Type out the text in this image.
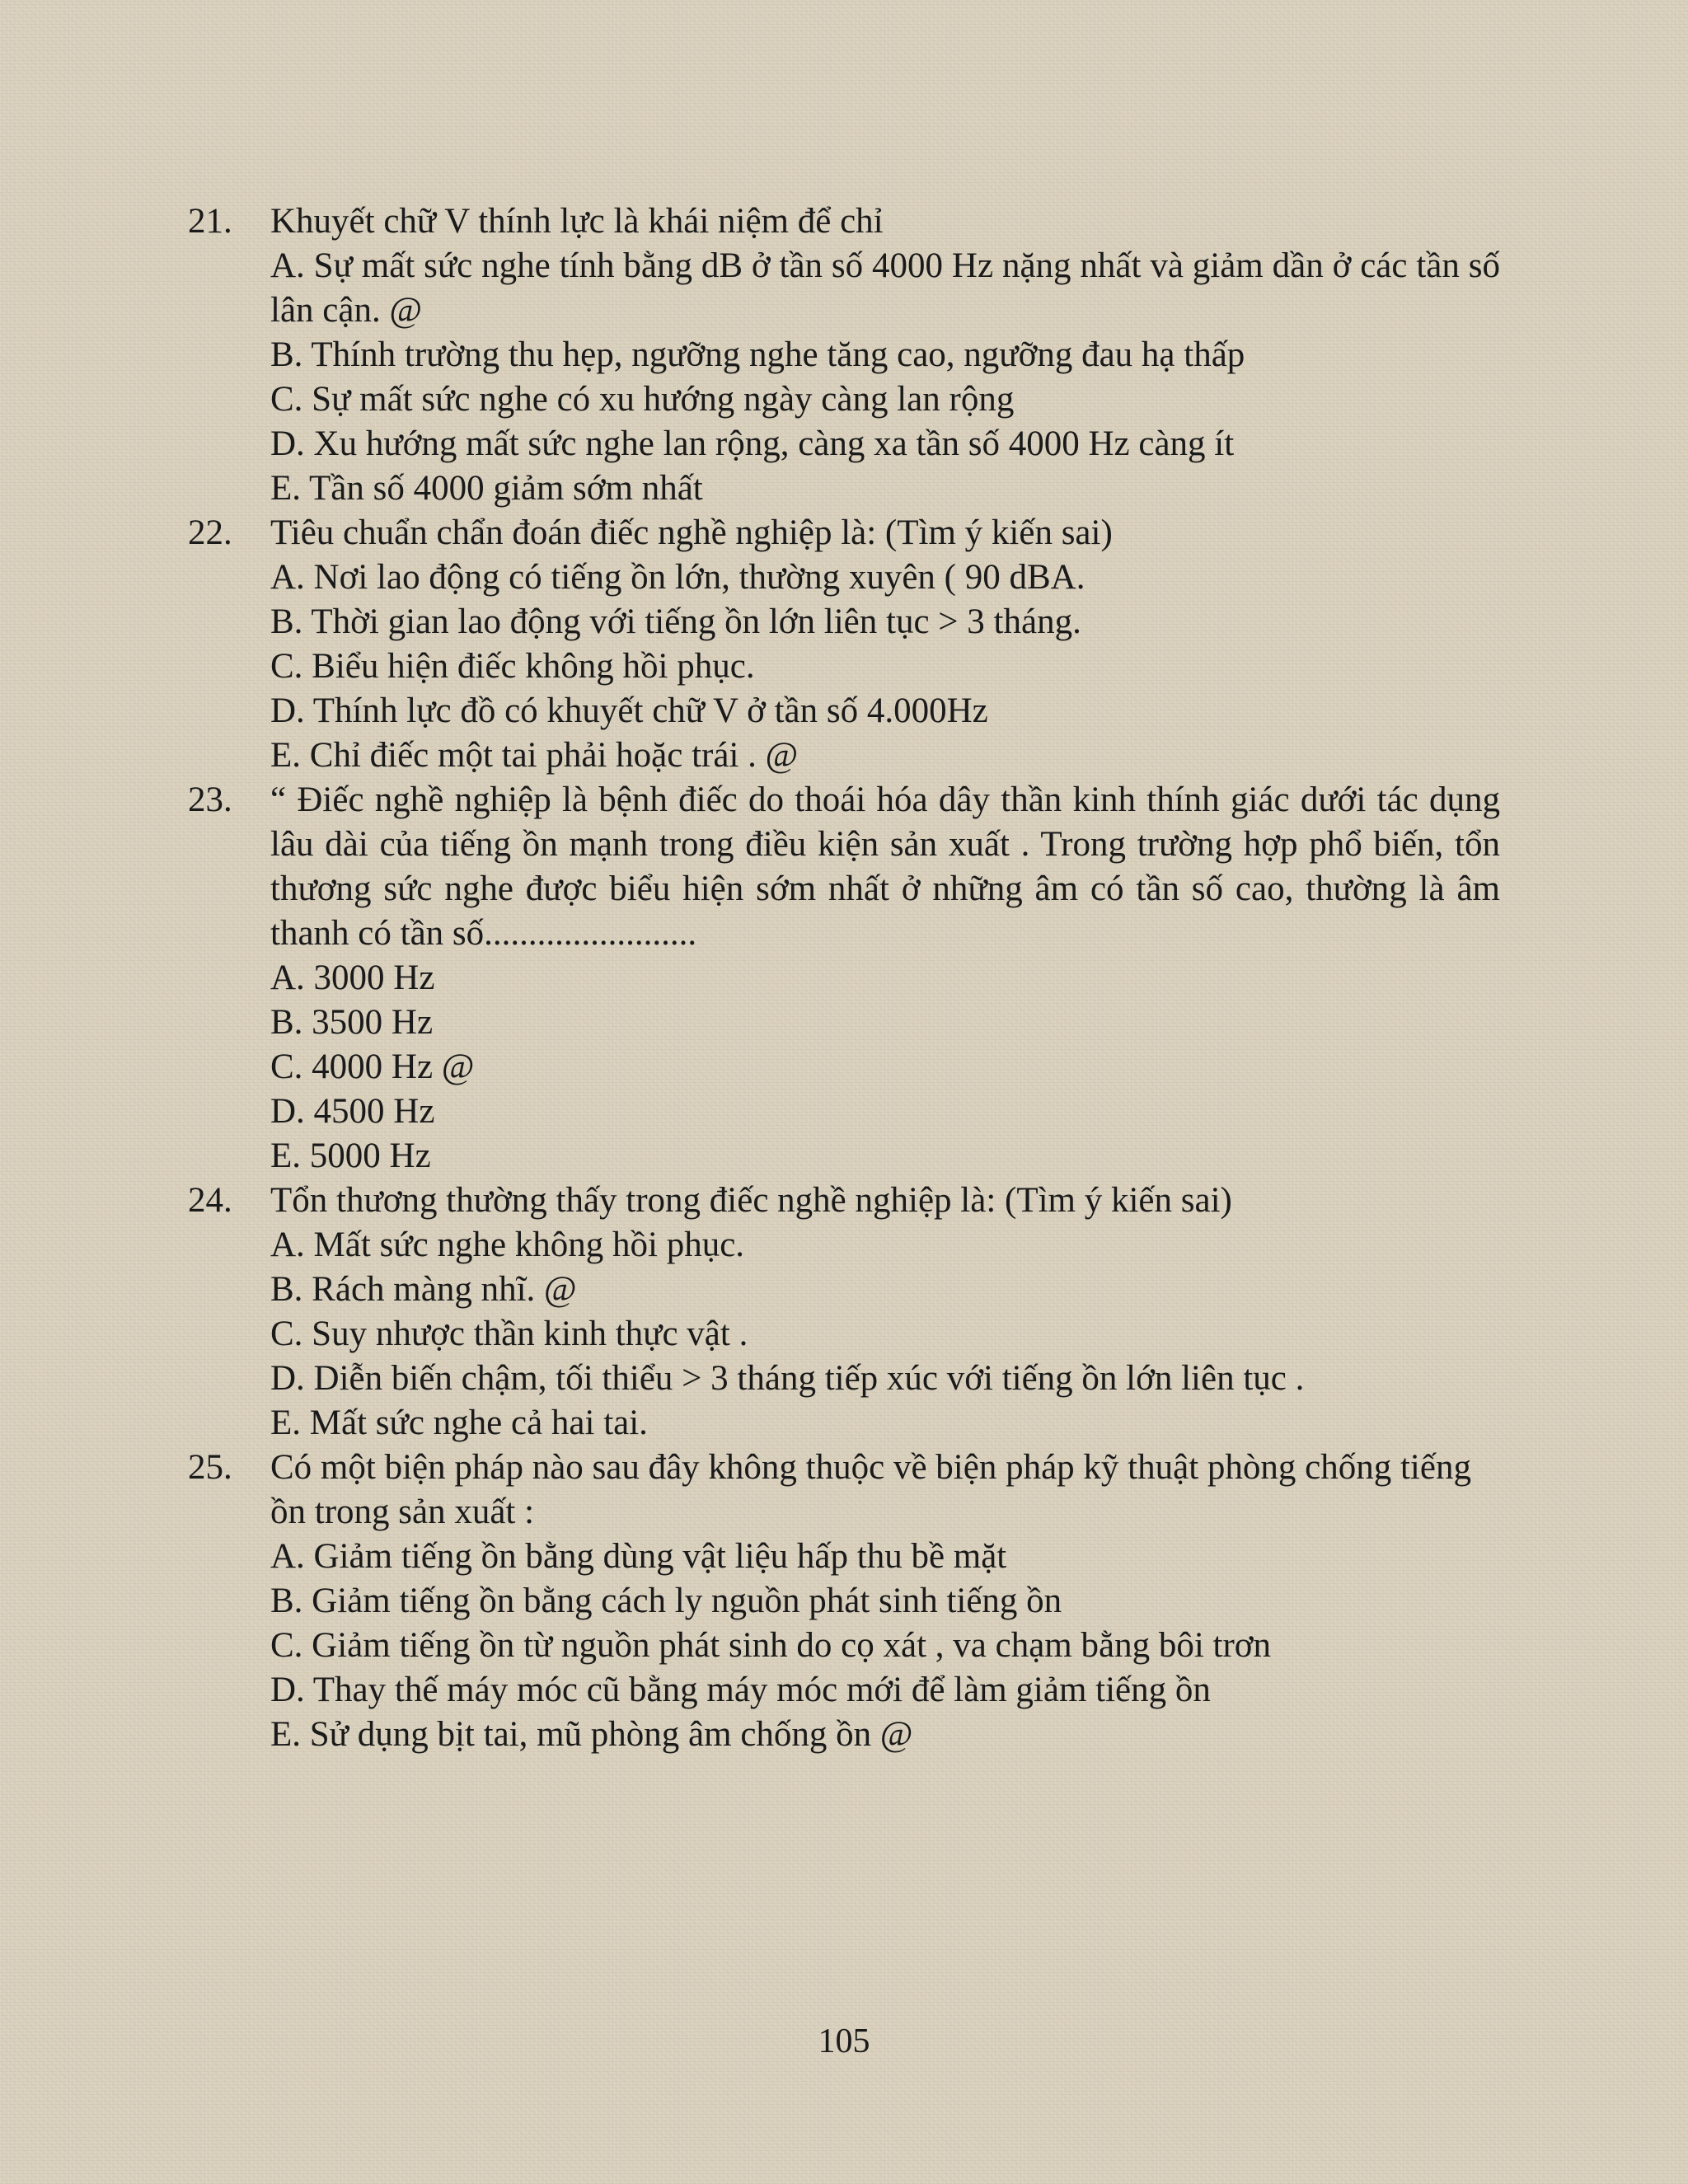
21. Khuyết chữ V thính lực là khái niệm để chỉ
A. Sự mất sức nghe tính bằng dB ở tần số 4000 Hz nặng nhất và giảm dần ở các tần số lân cận. @
B. Thính trường thu hẹp, ngưỡng nghe tăng cao, ngưỡng đau hạ thấp
C. Sự mất sức nghe có xu hướng ngày càng lan rộng
D. Xu hướng mất sức nghe lan rộng, càng xa tần số 4000 Hz càng ít
E. Tần số 4000 giảm sớm nhất
22. Tiêu chuẩn chẩn đoán điếc nghề nghiệp là: (Tìm ý kiến sai)
A. Nơi lao động có tiếng ồn lớn, thường xuyên ( 90 dBA.
B. Thời gian lao động với tiếng ồn lớn liên tục > 3 tháng.
C. Biểu hiện điếc không hồi phục.
D. Thính lực đồ có khuyết chữ V ở tần số 4.000Hz
E. Chỉ điếc một tai phải hoặc trái . @
23. “ Điếc nghề nghiệp là bệnh điếc do thoái hóa dây thần kinh thính giác dưới tác dụng lâu dài của tiếng ồn mạnh trong điều kiện sản xuất . Trong trường hợp phổ biến, tổn thương sức nghe được biểu hiện sớm nhất ở những âm có tần số cao, thường là âm thanh có tần số........................
A. 3000 Hz
B. 3500 Hz
C. 4000 Hz @
D. 4500 Hz
E. 5000 Hz
24. Tổn thương thường thấy trong điếc nghề nghiệp là: (Tìm ý kiến sai)
A. Mất sức nghe không hồi phục.
B. Rách màng nhĩ. @
C. Suy nhược thần kinh thực vật .
D. Diễn biến chậm, tối thiểu > 3 tháng tiếp xúc với tiếng ồn lớn liên tục .
E. Mất sức nghe cả hai tai.
25. Có một biện pháp nào sau đây không thuộc về biện pháp kỹ thuật phòng chống tiếng ồn trong sản xuất :
A. Giảm tiếng ồn bằng dùng vật liệu hấp thu bề mặt
B. Giảm tiếng ồn bằng cách ly nguồn phát sinh tiếng ồn
C. Giảm tiếng ồn từ nguồn phát sinh do cọ xát , va chạm bằng bôi trơn
D. Thay thế máy móc cũ bằng máy móc mới để làm giảm tiếng ồn
E. Sử dụng bịt tai, mũ phòng âm chống ồn @
105
